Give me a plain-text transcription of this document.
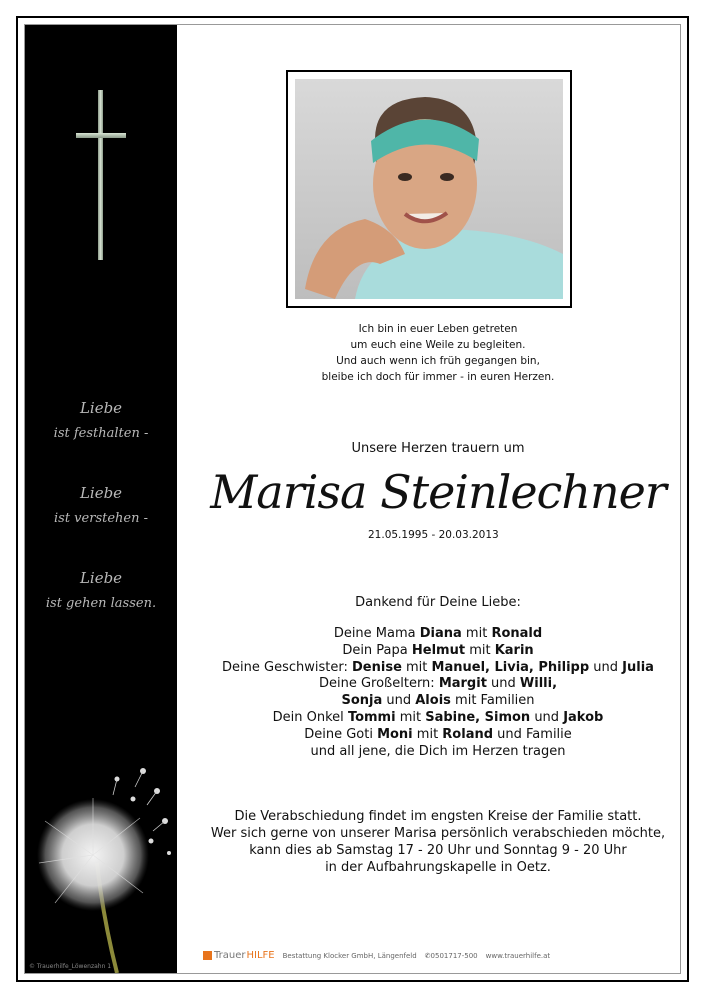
Liebe
ist festhalten -
Liebe
ist verstehen -
Liebe
ist gehen lassen.
© Trauerhilfe_Löwenzahn 1
Ich bin in euer Leben getreten
um euch eine Weile zu begleiten.
Und auch wenn ich früh gegangen bin,
bleibe ich doch für immer - in euren Herzen.
Unsere Herzen trauern um
Marisa Steinlechner
21.05.1995 - 20.03.2013
Dankend für Deine Liebe:
Deine Mama Diana mit Ronald
Dein Papa Helmut mit Karin
Deine Geschwister: Denise mit Manuel, Livia, Philipp und Julia
Deine Großeltern: Margit und Willi,
Sonja und Alois mit Familien
Dein Onkel Tommi mit Sabine, Simon und Jakob
Deine Goti Moni mit Roland und Familie
und all jene, die Dich im Herzen tragen
Die Verabschiedung findet im engsten Kreise der Familie statt.
Wer sich gerne von unserer Marisa persönlich verabschieden möchte,
kann dies ab Samstag 17 - 20 Uhr und Sonntag 9 - 20 Uhr
in der Aufbahrungskapelle in Oetz.
Trauer HILFE Bestattung Klocker GmbH, Längenfeld ✆0501717-500 www.trauerhilfe.at
